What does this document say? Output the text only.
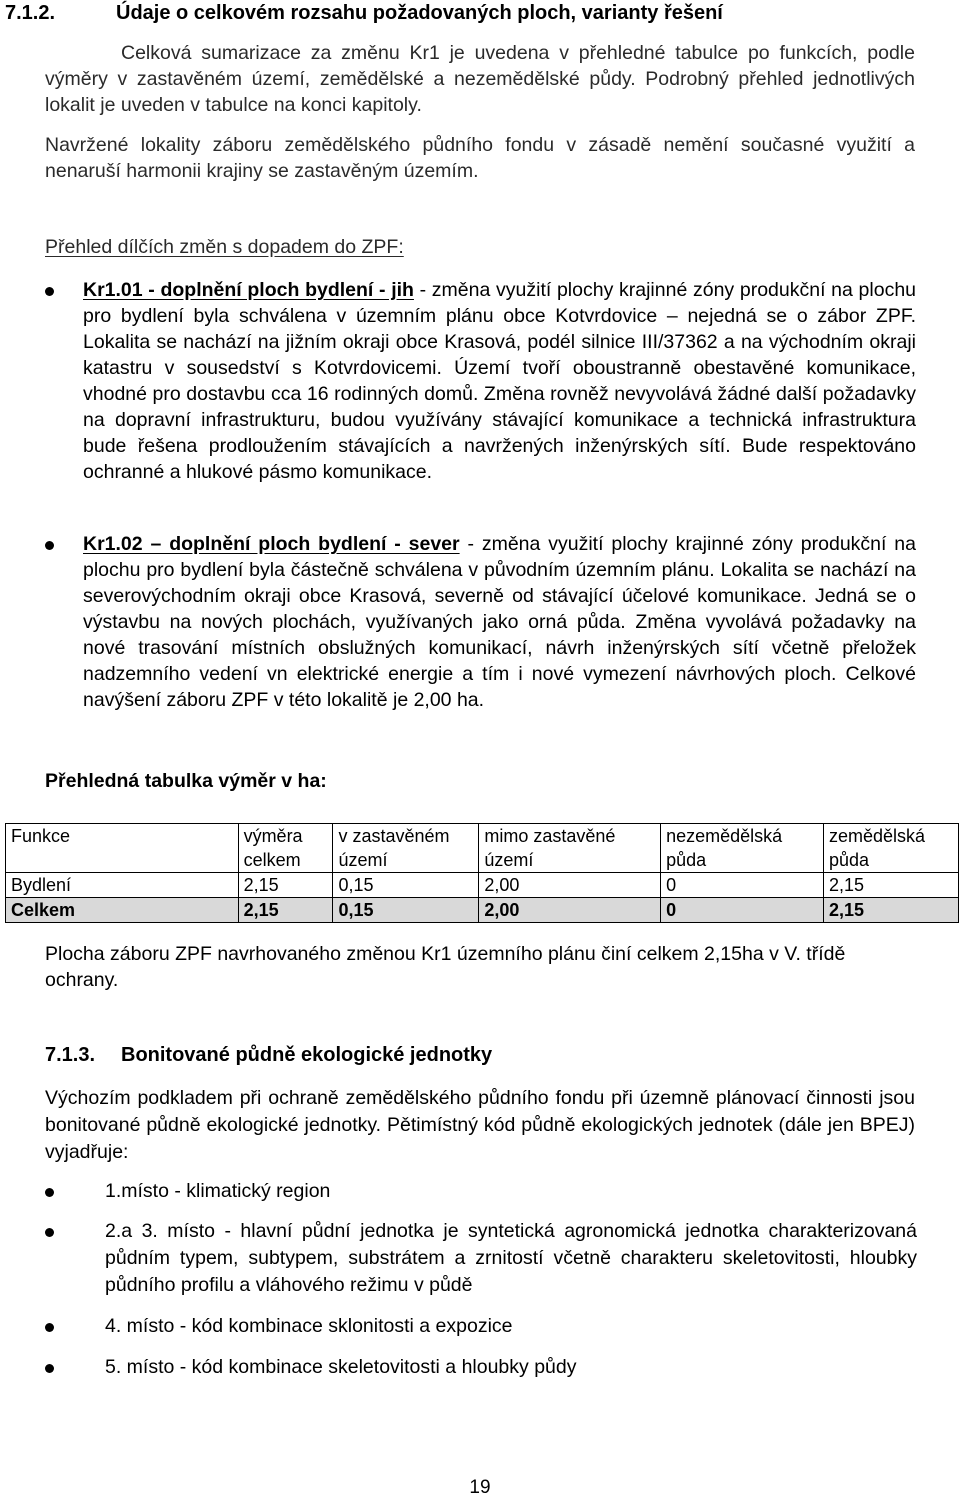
7.1.2.	Údaje o celkovém rozsahu požadovaných ploch, varianty řešení

Celková sumarizace za změnu Kr1 je uvedena v přehledné tabulce po funkcích, podle výměry v zastavěném území, zemědělské a nezemědělské půdy. Podrobný přehled jednotlivých lokalit je uveden v tabulce na konci kapitoly.

Navržené lokality záboru zemědělského půdního fondu v zásadě nemění současné využití a nenaruší harmonii krajiny se zastavěným územím.

Přehled dílčích změn s dopadem do ZPF:

Kr1.01 - doplnění ploch bydlení - jih - změna využití plochy krajinné zóny produkční na plochu pro bydlení byla schválena v územním plánu obce Kotvrdovice – nejedná se o zábor ZPF. Lokalita se nachází na jižním okraji obce Krasová, podél silnice III/37362 a na východním okraji katastru v sousedství s Kotvrdovicemi. Území tvoří oboustranně obestavěné komunikace, vhodné pro dostavbu cca 16 rodinných domů. Změna rovněž nevyvolává žádné další požadavky na dopravní infrastrukturu, budou využívány stávající komunikace a technická infrastruktura bude řešena prodloužením stávajících a navržených inženýrských sítí. Bude respektováno ochranné a hlukové pásmo komunikace.

Kr1.02 – doplnění ploch bydlení - sever - změna využití plochy krajinné zóny produkční na plochu pro bydlení byla částečně schválena v původním územním plánu. Lokalita se nachází na severovýchodním okraji obce Krasová, severně od stávající účelové komunikace. Jedná se o výstavbu na nových plochách, využívaných jako orná půda. Změna vyvolává požadavky na nové trasování místních obslužných komunikací, návrh inženýrských sítí včetně přeložek nadzemního vedení vn elektrické energie a tím i nové vymezení návrhových ploch. Celkové navýšení záboru ZPF v této lokalitě je 2,00 ha.

Přehledná tabulka výměr v ha:
Funkce	výměra celkem	v zastavěném území	mimo zastavěné území	nezemědělská půda	zemědělská půda
Bydlení	2,15	0,15	2,00	0	2,15
Celkem	2,15	0,15	2,00	0	2,15

Plocha záboru ZPF navrhovaného změnou Kr1 územního plánu činí celkem 2,15ha v V. třídě ochrany.

7.1.3. Bonitované půdně ekologické jednotky

Výchozím podkladem při ochraně zemědělského půdního fondu při územně plánovací činnosti jsou bonitované půdně ekologické jednotky. Pětimístný kód půdně ekologických jednotek (dále jen BPEJ) vyjadřuje:

1.místo - klimatický region

2.a 3. místo - hlavní půdní jednotka je syntetická agronomická jednotka charakterizovaná půdním typem, subtypem, substrátem a zrnitostí včetně charakteru skeletovitosti, hloubky půdního profilu a vláhového režimu v půdě

4. místo - kód kombinace sklonitosti a expozice

5. místo - kód kombinace skeletovitosti a hloubky půdy

19
